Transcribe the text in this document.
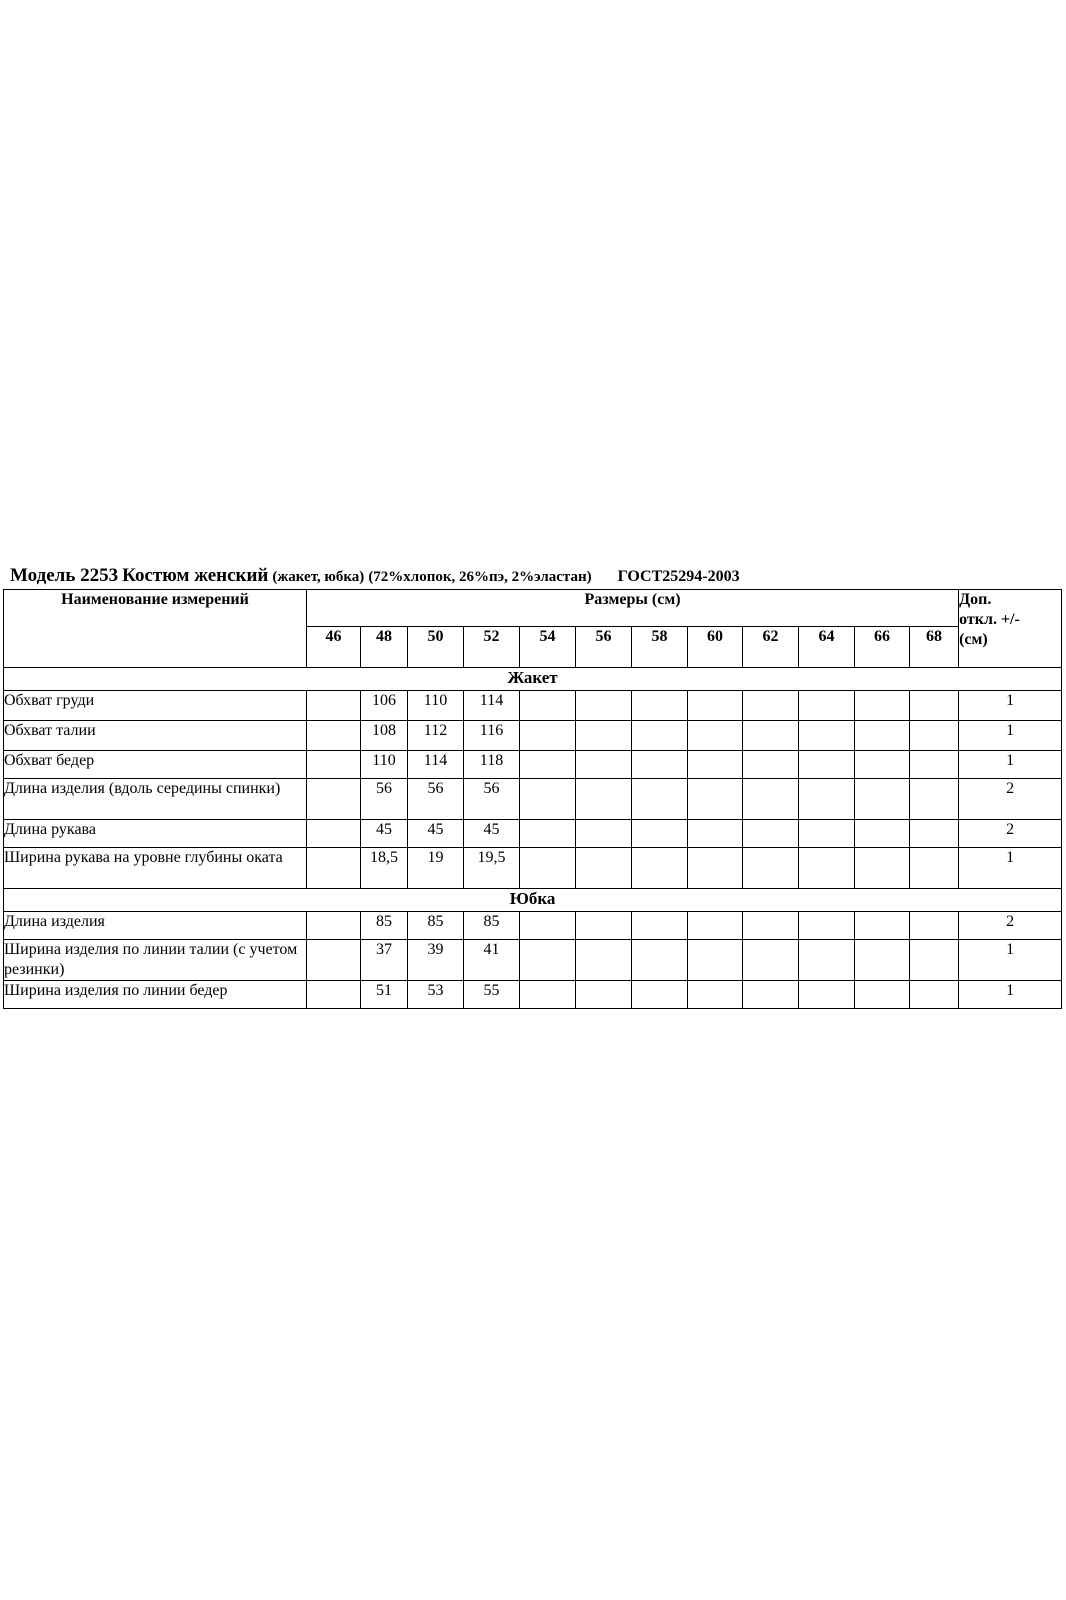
Модель 2253 Костюм женский (жакет, юбка) (72%хлопок, 26%пэ, 2%эластан) ГОСТ25294-2003
Наименование измерений	Размеры (см)												Доп.
откл. +/-
(см)

	46	48	50	52	54	56	58	60	62	64	66	68	
Жакет													
Обхват груди		106	110	114									1
Обхват талии		108	112	116									1
Обхват бедер		110	114	118									1
Длина изделия (вдоль середины спинки)		56	56	56									2
Длина рукава		45	45	45									2
Ширина рукава на уровне глубины оката		18,5	19	19,5									1
Юбка													
Длина изделия		85	85	85									2
Ширина изделия по линии талии (с учетом резинки)		37	39	41									1
Ширина изделия по линии бедер		51	53	55									1
